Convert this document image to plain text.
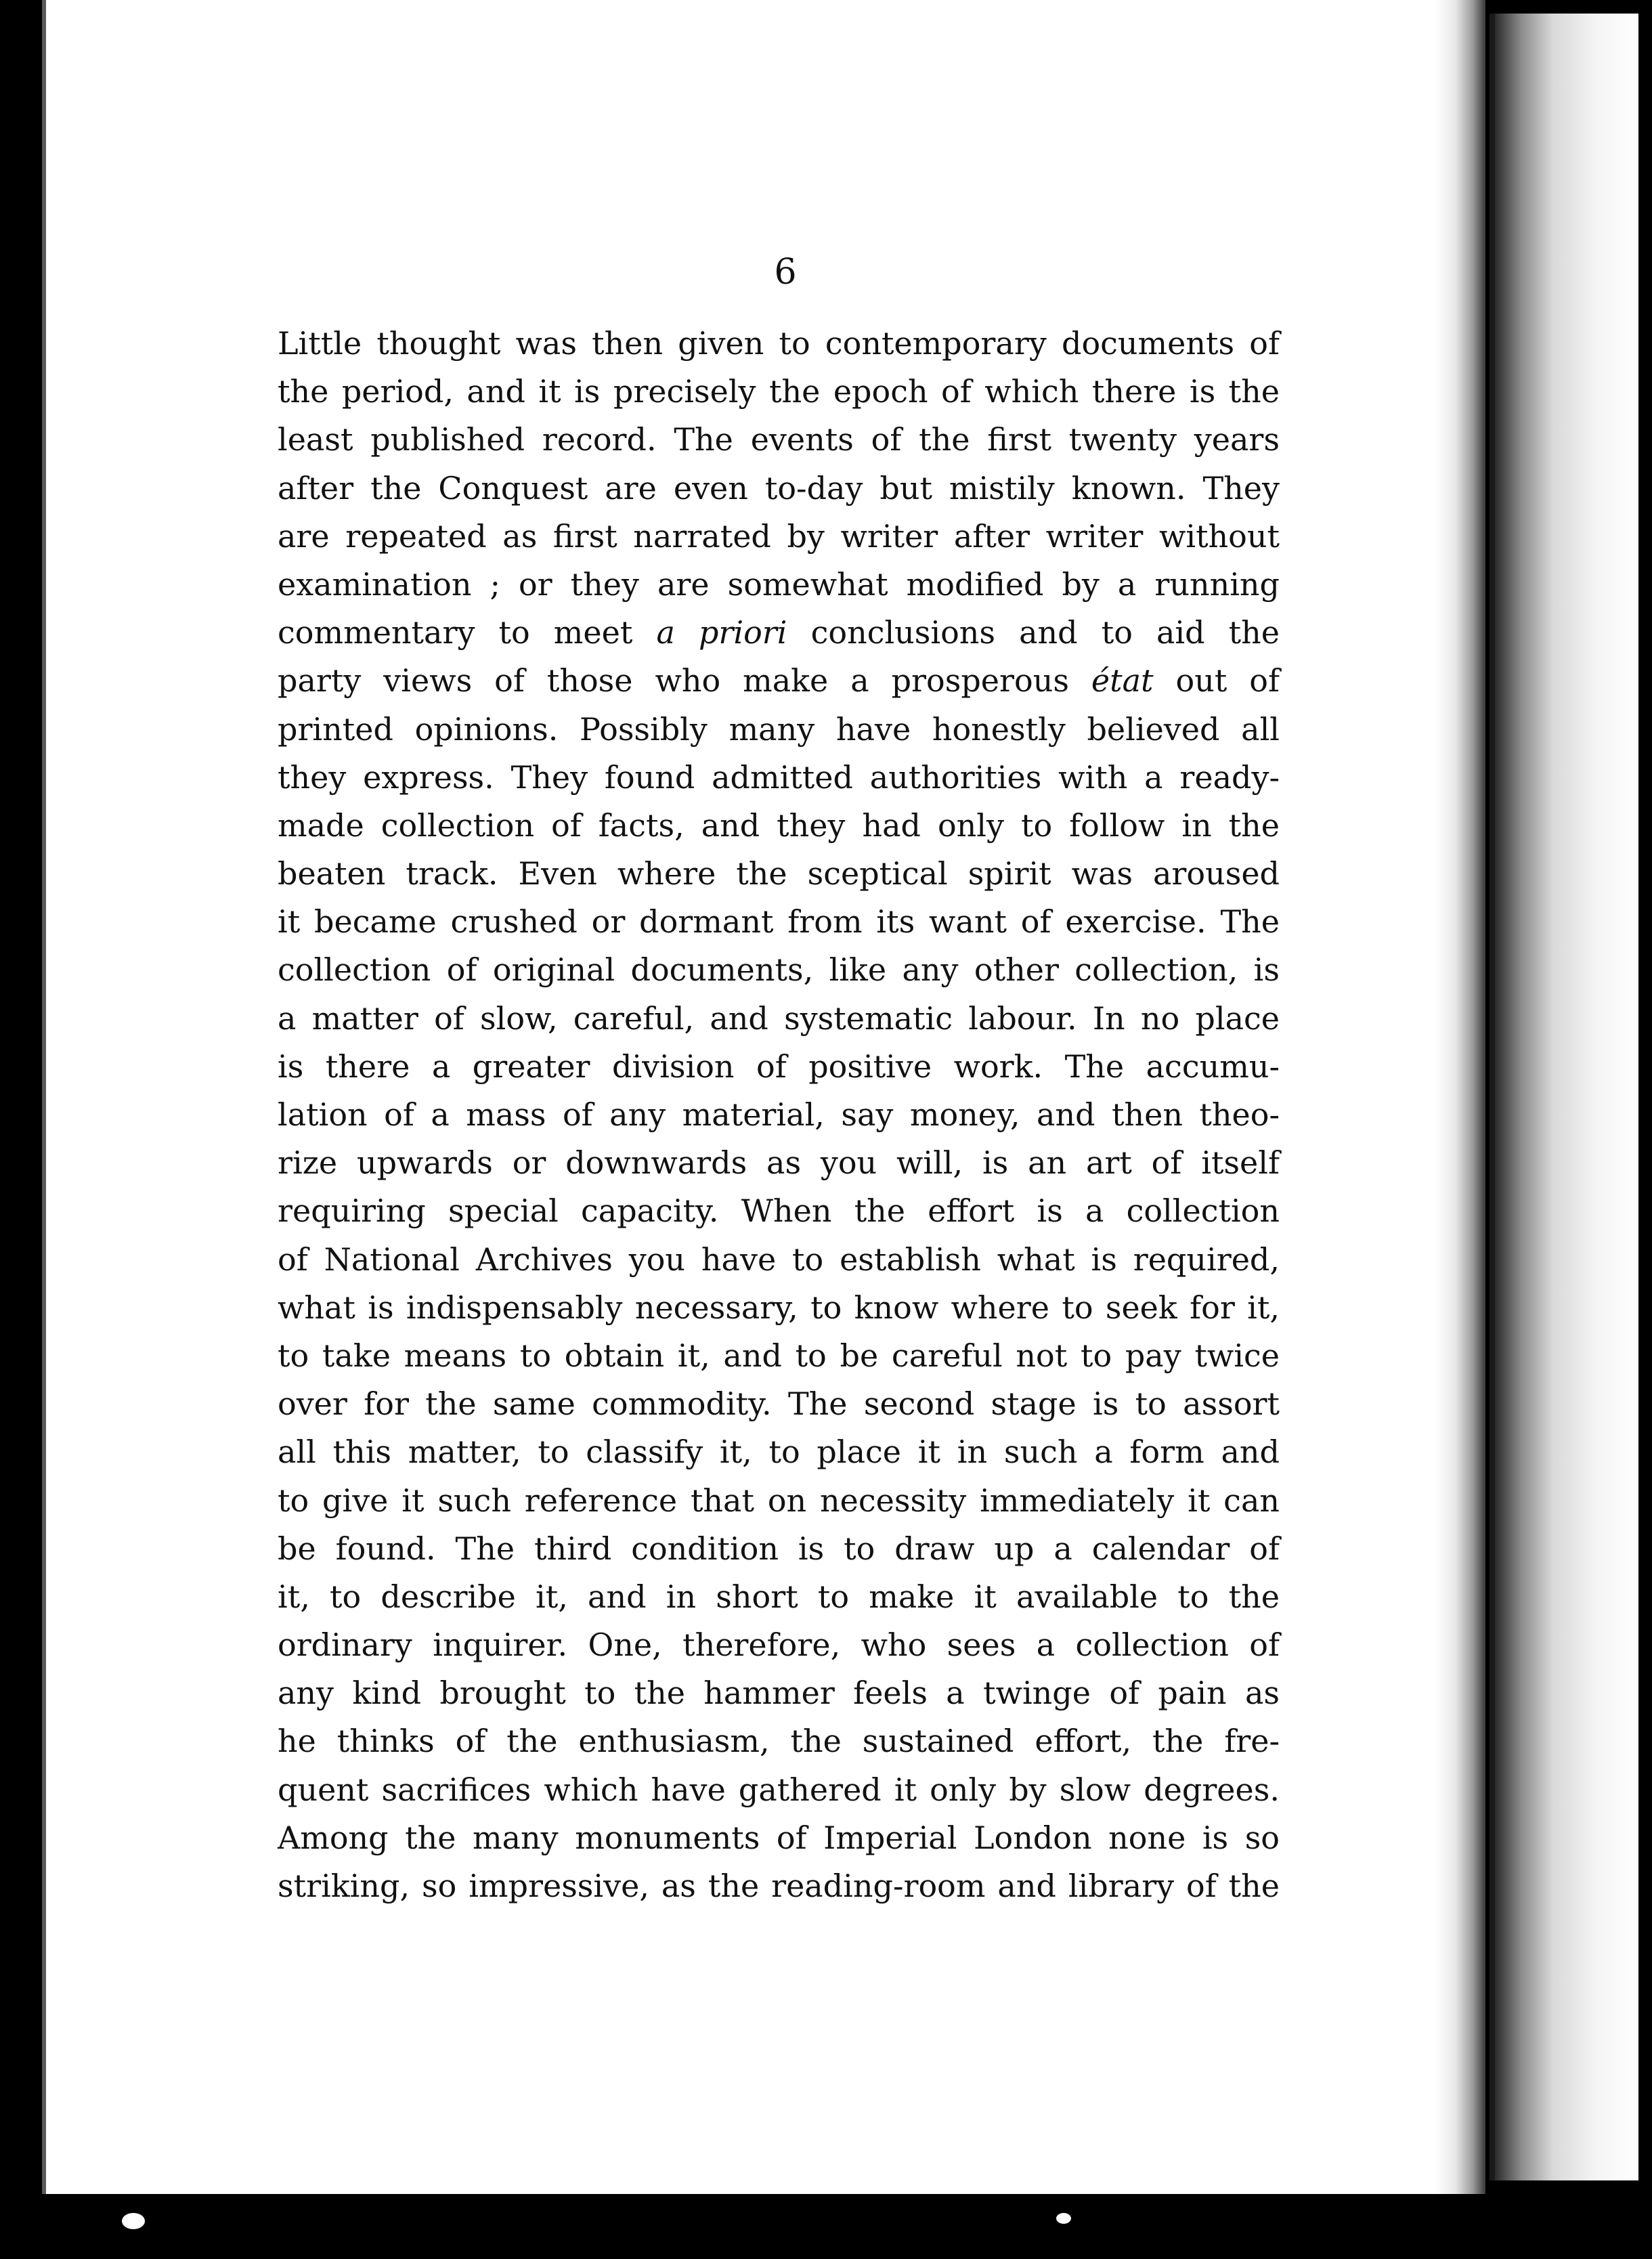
6
Little thought was then given to contemporary documents of
the period, and it is precisely the epoch of which there is the
least published record. The events of the first twenty years
after the Conquest are even to-day but mistily known. They
are repeated as first narrated by writer after writer without
examination ; or they are somewhat modified by a running
commentary to meet a priori conclusions and to aid the
party views of those who make a prosperous état out of
printed opinions. Possibly many have honestly believed all
they express. They found admitted authorities with a ready-
made collection of facts, and they had only to follow in the
beaten track. Even where the sceptical spirit was aroused
it became crushed or dormant from its want of exercise. The
collection of original documents, like any other collection, is
a matter of slow, careful, and systematic labour. In no place
is there a greater division of positive work. The accumu-
lation of a mass of any material, say money, and then theo-
rize upwards or downwards as you will, is an art of itself
requiring special capacity. When the effort is a collection
of National Archives you have to establish what is required,
what is indispensably necessary, to know where to seek for it,
to take means to obtain it, and to be careful not to pay twice
over for the same commodity. The second stage is to assort
all this matter, to classify it, to place it in such a form and
to give it such reference that on necessity immediately it can
be found. The third condition is to draw up a calendar of
it, to describe it, and in short to make it available to the
ordinary inquirer. One, therefore, who sees a collection of
any kind brought to the hammer feels a twinge of pain as
he thinks of the enthusiasm, the sustained effort, the fre-
quent sacrifices which have gathered it only by slow degrees.
Among the many monuments of Imperial London none is so
striking, so impressive, as the reading-room and library of the
